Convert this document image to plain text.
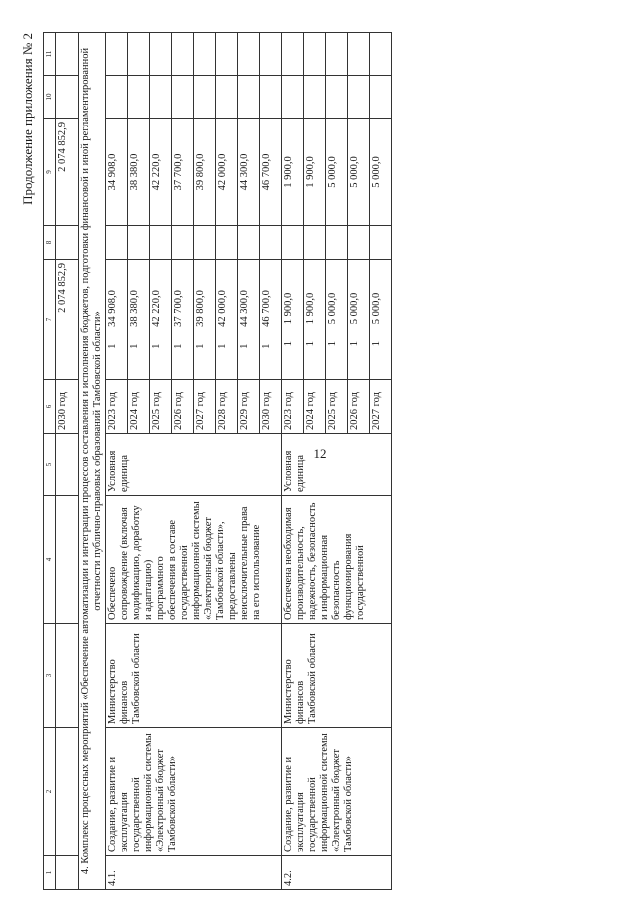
12
Продолжение приложения № 2
1	2	3	4	5	6	7	8	9	10	11
					2030 год	2 074 852,9		2 074 852,9		
4. Комплекс процессных мероприятий «Обеспечение автоматизации и интеграции процессов составления и исполнения бюджетов, подготовки финансовой и иной регламентированной отчетности публично-правовых образований Тамбовской области»										
4.1.	Создание, развитие и эксплуатация государственной информационной системы «Электронный бюджет Тамбовской области»	Министерство финансов Тамбовской области	Обеспечено сопровождение (включая модификацию, доработку и адаптацию) программного обеспечения в составе государственной информационной системы «Электронный бюджет Тамбовской области», предоставлены неисключительные права на его использование	Условная единица	2023 год	134 908,0		34 908,0		
					2024 год	138 380,0		38 380,0		
					2025 год	142 220,0		42 220,0		
					2026 год	137 700,0		37 700,0		
					2027 год	139 800,0		39 800,0		
					2028 год	142 000,0		42 000,0		
					2029 год	144 300,0		44 300,0		
					2030 год	146 700,0		46 700,0		
4.2.	Создание, развитие и эксплуатация государственной информационной системы «Электронный бюджет Тамбовской области»	Министерство финансов Тамбовской области	Обеспечена необходимая производительность, надежность, безопасность и информационная безопасность функционирования государственной	Условная единица	2023 год	11 900,0		1 900,0		
					2024 год	11 900,0		1 900,0		
					2025 год	15 000,0		5 000,0		
					2026 год	15 000,0		5 000,0		
					2027 год	15 000,0		5 000,0		
